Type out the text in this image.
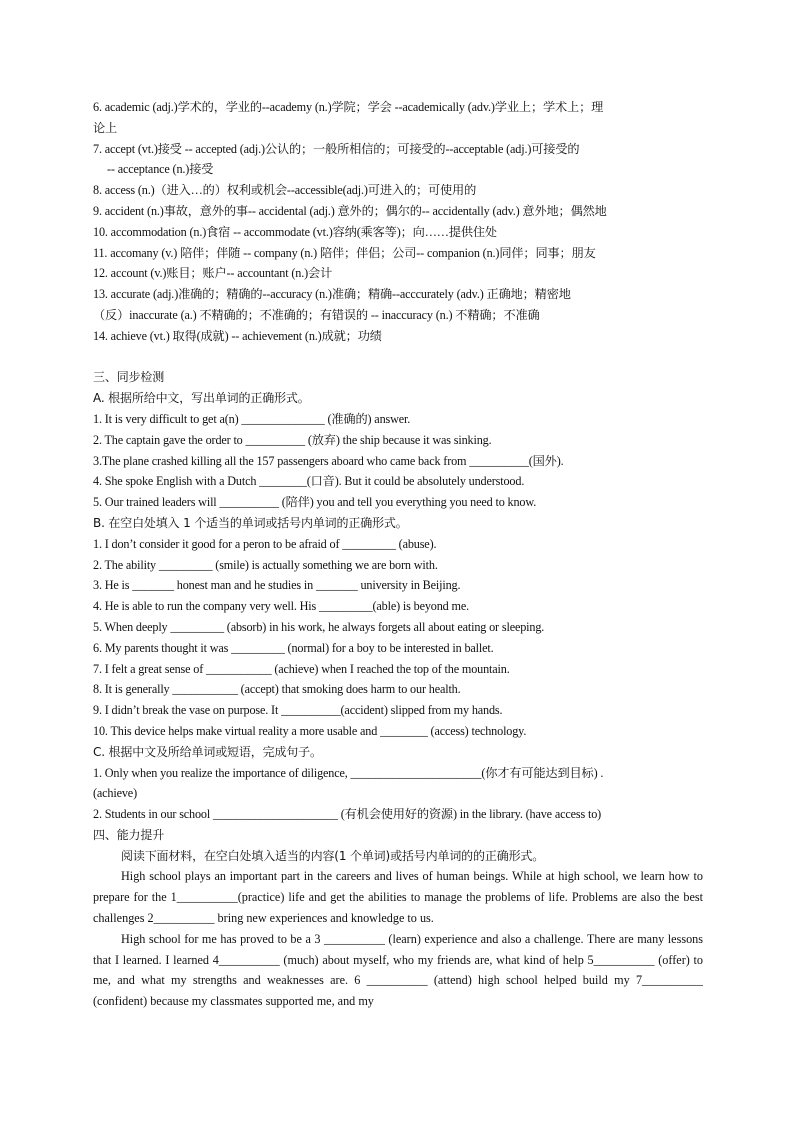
6. academic (adj.)学术的，学业的--academy (n.)学院；学会 --academically (adv.)学业上；学术上；理
论上
7. accept (vt.)接受 -- accepted (adj.)公认的；一般所相信的；可接受的--acceptable (adj.)可接受的
-- acceptance (n.)接受
8. access (n.)（进入…的）权利或机会--accessible(adj.)可进入的；可使用的
9. accident (n.)事故，意外的事-- accidental (adj.) 意外的；偶尔的-- accidentally (adv.) 意外地；偶然地
10. accommodation (n.)食宿 -- accommodate (vt.)容纳(乘客等)；向……提供住处
11. accomany (v.) 陪伴；伴随 -- company (n.) 陪伴；伴侣；公司-- companion (n.)同伴；同事；朋友
12. account (v.)账目；账户-- accountant (n.)会计
13. accurate (adj.)准确的；精确的--accuracy (n.)准确；精确--acccurately (adv.) 正确地；精密地
（反）inaccurate (a.) 不精确的；不准确的；有错误的 -- inaccuracy (n.) 不精确；不准确
14. achieve (vt.) 取得(成就) -- achievement (n.)成就；功绩
三、同步检测
A. 根据所给中文，写出单词的正确形式。
1. It is very difficult to get a(n) ______________ (准确的) answer.
2. The captain gave the order to __________ (放弃) the ship because it was sinking.
3.The plane crashed killing all the 157 passengers aboard who came back from __________(国外).
4. She spoke English with a Dutch ________(口音). But it could be absolutely understood.
5. Our trained leaders will __________ (陪伴) you and tell you everything you need to know.
B. 在空白处填入 1 个适当的单词或括号内单词的正确形式。
1. I don’t consider it good for a peron to be afraid of _________ (abuse).
2. The ability _________ (smile) is actually something we are born with.
3. He is _______ honest man and he studies in _______ university in Beijing.
4. He is able to run the company very well. His _________(able) is beyond me.
5. When deeply _________ (absorb) in his work, he always forgets all about eating or sleeping.
6. My parents thought it was _________ (normal) for a boy to be interested in ballet.
7. I felt a great sense of ___________ (achieve) when I reached the top of the mountain.
8. It is generally ___________ (accept) that smoking does harm to our health.
9. I didn’t break the vase on purpose. It __________(accident) slipped from my hands.
10. This device helps make virtual reality a more usable and ________ (access) technology.
C. 根据中文及所给单词或短语，完成句子。
1. Only when you realize the importance of diligence, ______________________(你才有可能达到目标) .
(achieve)
2. Students in our school _____________________ (有机会使用好的资源) in the library. (have access to)
四、能力提升
阅读下面材料，在空白处填入适当的内容(1 个单词)或括号内单词的的正确形式。
High school plays an important part in the careers and lives of human beings. While at high school, we learn how to prepare for the 1__________(practice) life and get the abilities to manage the problems of life. Problems are also the best challenges 2__________ bring new experiences and knowledge to us.
High school for me has proved to be a 3 __________ (learn) experience and also a challenge. There are many lessons that I learned. I learned 4__________ (much) about myself, who my friends are, what kind of help 5__________ (offer) to me, and what my strengths and weaknesses are. 6 __________ (attend) high school helped build my 7__________ (confident) because my classmates supported me, and my
